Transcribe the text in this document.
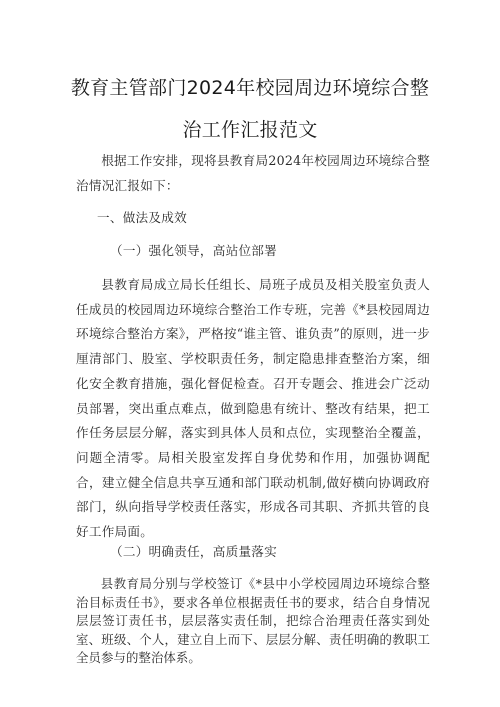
教育主管部门2024年校园周边环境综合整
治工作汇报范文
根据工作安排，现将县教育局2024年校园周边环境综合整治情况汇报如下：
一、做法及成效
（一）强化领导，高站位部署
县教育局成立局长任组长、局班子成员及相关股室负责人任成员的校园周边环境综合整治工作专班，完善《*县校园周边环境综合整治方案》，严格按“谁主管、谁负责”的原则，进一步厘清部门、股室、学校职责任务，制定隐患排查整治方案，细化安全教育措施，强化督促检查。召开专题会、推进会广泛动员部署，突出重点难点，做到隐患有统计、整改有结果，把工作任务层层分解，落实到具体人员和点位，实现整治全覆盖，问题全清零。局相关股室发挥自身优势和作用，加强协调配合，建立健全信息共享互通和部门联动机制,做好横向协调政府部门，纵向指导学校责任落实，形成各司其职、齐抓共管的良好工作局面。
（二）明确责任，高质量落实
县教育局分别与学校签订《*县中小学校园周边环境综合整治目标责任书》，要求各单位根据责任书的要求，结合自身情况层层签订责任书，层层落实责任制，把综合治理责任落实到处室、班级、个人，建立自上而下、层层分解、责任明确的教职工全员参与的整治体系。
